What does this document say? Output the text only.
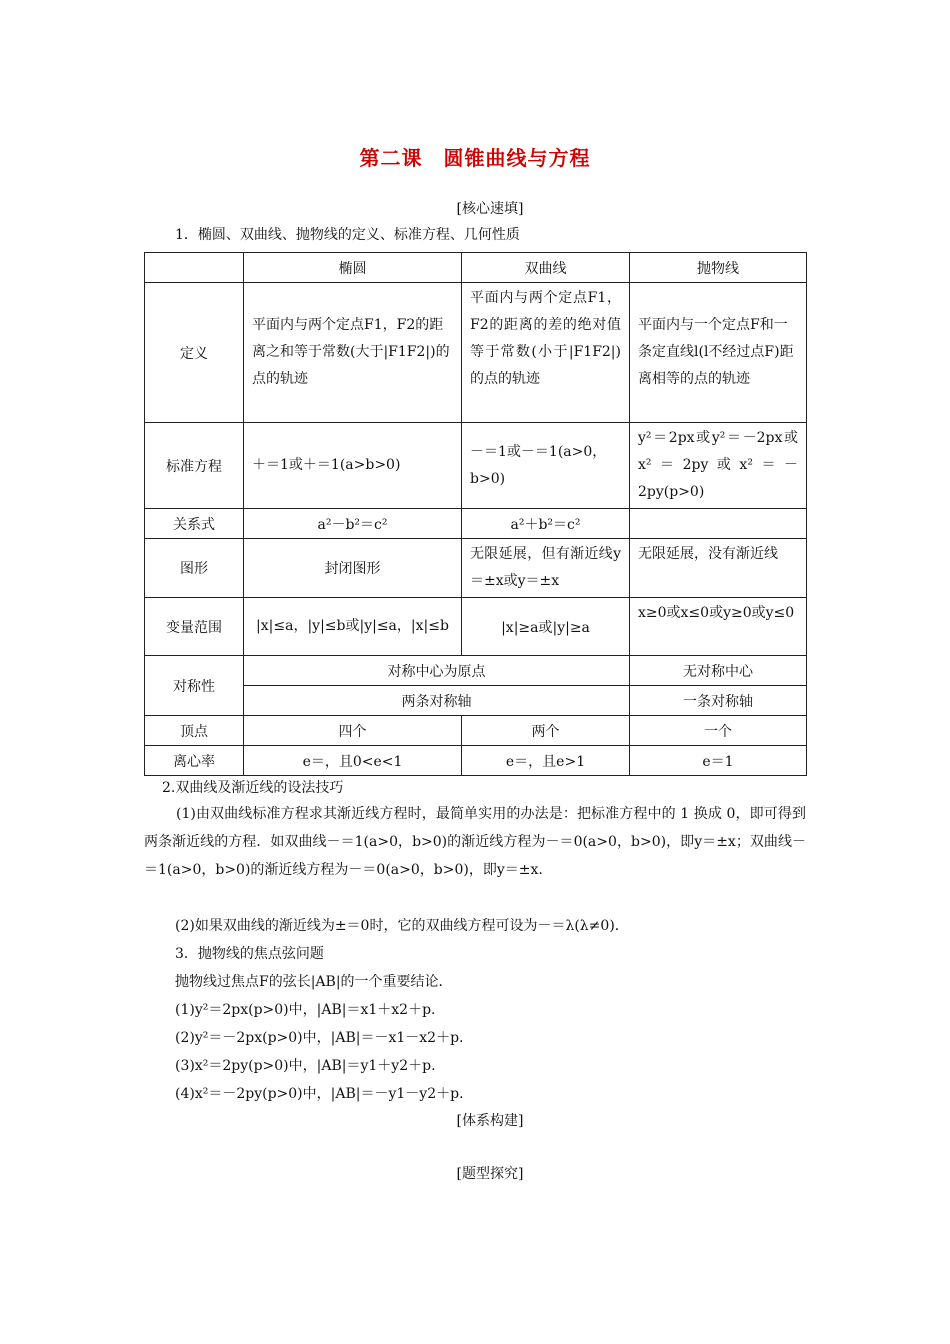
第二课　圆锥曲线与方程
[核心速填]
1．椭圆、双曲线、抛物线的定义、标准方程、几何性质
	椭圆	双曲线	抛物线
定义	平面内与两个定点F1，F2的距离之和等于常数(大于|F1F2|)的点的轨迹	平面内与两个定点F1，F2的距离的差的绝对值等于常数(小于|F1F2|)的点的轨迹	平面内与一个定点F和一条定直线l(l不经过点F)距离相等的点的轨迹
标准方程	＋＝1或＋＝1(a>b>0)	－＝1或－＝1(a>0，b>0)	y²＝2px或y²＝－2px或x²＝2py或x²＝－2py(p>0)
关系式	a²－b²＝c²	a²＋b²＝c²	
图形	封闭图形	无限延展，但有渐近线y＝±x或y＝±x	无限延展，没有渐近线
变量范围	|x|≤a，|y|≤b或|y|≤a，|x|≤b	|x|≥a或|y|≥a	x≥0或x≤0或y≥0或y≤0
对称性	对称中心为原点		无对称中心
	两条对称轴		一条对称轴
顶点	四个	两个	一个
离心率	e＝，且0<e<1	e＝，且e>1	e＝1
2.双曲线及渐近线的设法技巧
(1)由双曲线标准方程求其渐近线方程时，最简单实用的办法是：把标准方程中的 1 换成 0，即可得到两条渐近线的方程．如双曲线－＝1(a>0，b>0)的渐近线方程为－＝0(a>0，b>0)，即y＝±x；双曲线－＝1(a>0，b>0)的渐近线方程为－＝0(a>0，b>0)，即y＝±x.
(2)如果双曲线的渐近线为±＝0时，它的双曲线方程可设为－＝λ(λ≠0)．
3．抛物线的焦点弦问题
抛物线过焦点F的弦长|AB|的一个重要结论．
(1)y²＝2px(p>0)中，|AB|＝x1＋x2＋p.
(2)y²＝－2px(p>0)中，|AB|＝－x1－x2＋p.
(3)x²＝2py(p>0)中，|AB|＝y1＋y2＋p.
(4)x²＝－2py(p>0)中，|AB|＝－y1－y2＋p.
[体系构建]
[题型探究]
